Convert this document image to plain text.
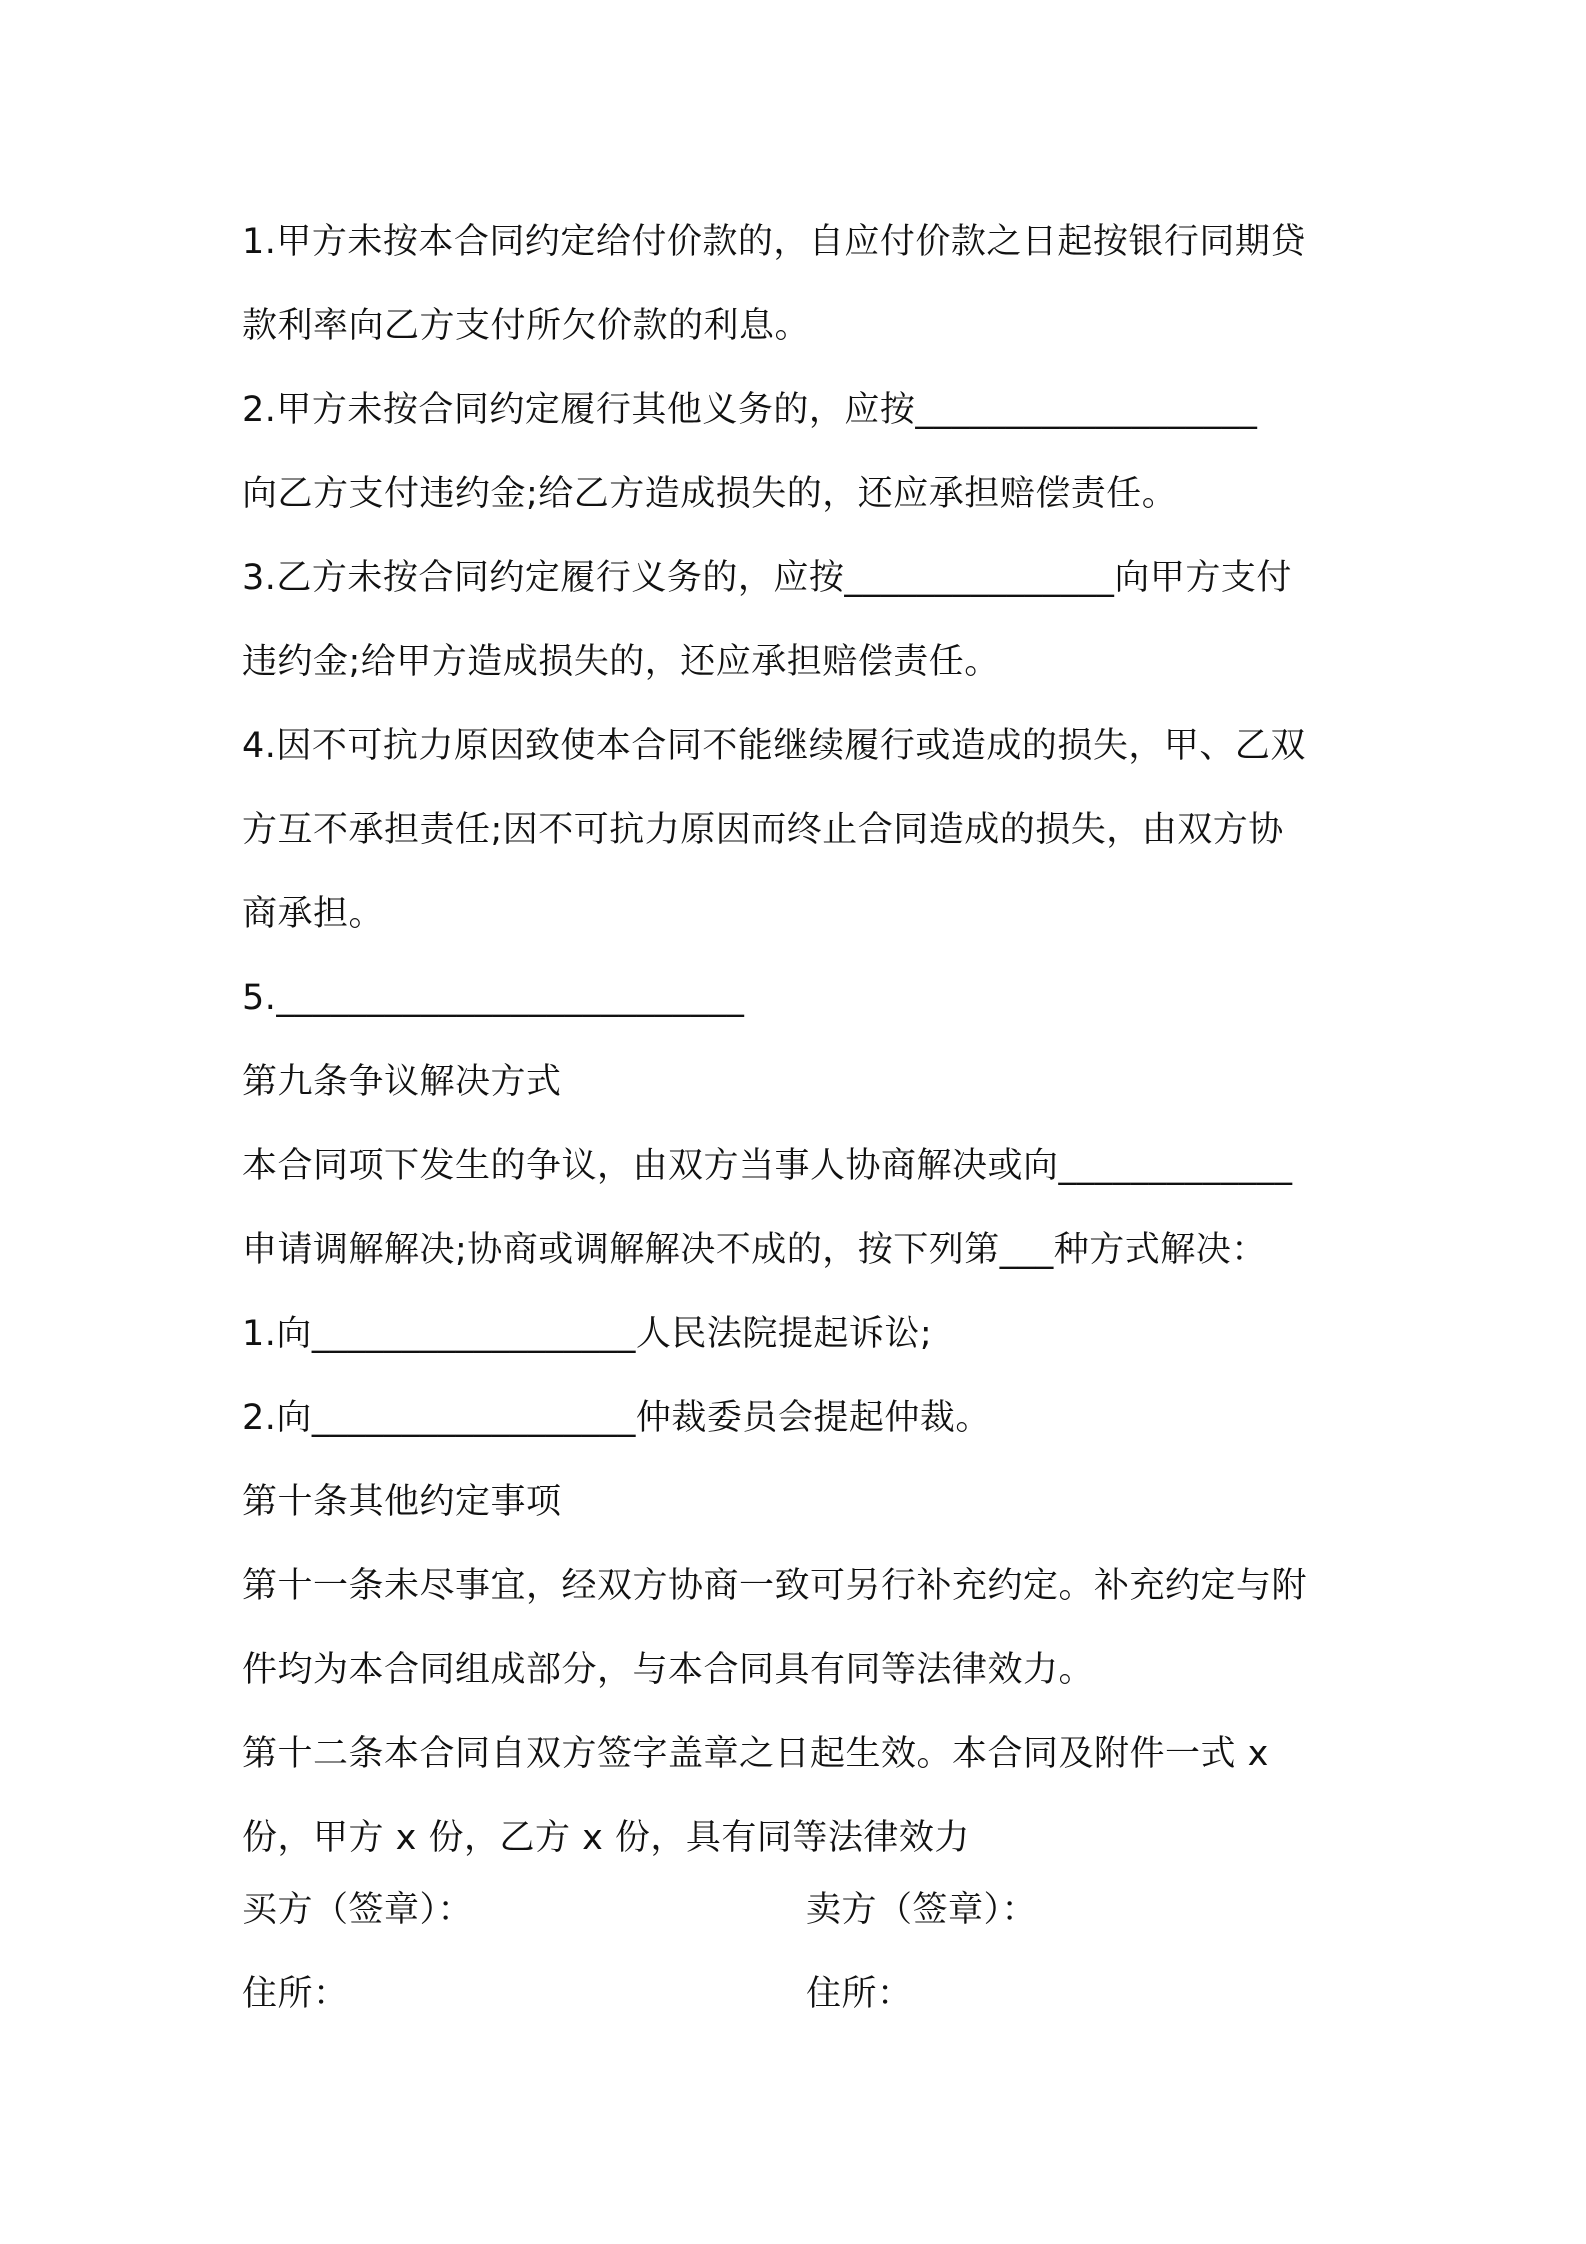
1.甲方未按本合同约定给付价款的，自应付价款之日起按银行同期贷

款利率向乙方支付所欠价款的利息。

2.甲方未按合同约定履行其他义务的，应按___________________

向乙方支付违约金;给乙方造成损失的，还应承担赔偿责任。

3.乙方未按合同约定履行义务的，应按_______________向甲方支付

违约金;给甲方造成损失的，还应承担赔偿责任。

4.因不可抗力原因致使本合同不能继续履行或造成的损失，甲、乙双

方互不承担责任;因不可抗力原因而终止合同造成的损失，由双方协

商承担。

5.__________________________

第九条争议解决方式

本合同项下发生的争议，由双方当事人协商解决或向_____________

申请调解解决;协商或调解解决不成的，按下列第___种方式解决：

1.向__________________人民法院提起诉讼;

2.向__________________仲裁委员会提起仲裁。

第十条其他约定事项

第十一条未尽事宜，经双方协商一致可另行补充约定。补充约定与附

件均为本合同组成部分，与本合同具有同等法律效力。

第十二条本合同自双方签字盖章之日起生效。本合同及附件一式 x

份，甲方 x 份，乙方 x 份，具有同等法律效力

买方（签章）：	卖方（签章）：
住所：	住所：
